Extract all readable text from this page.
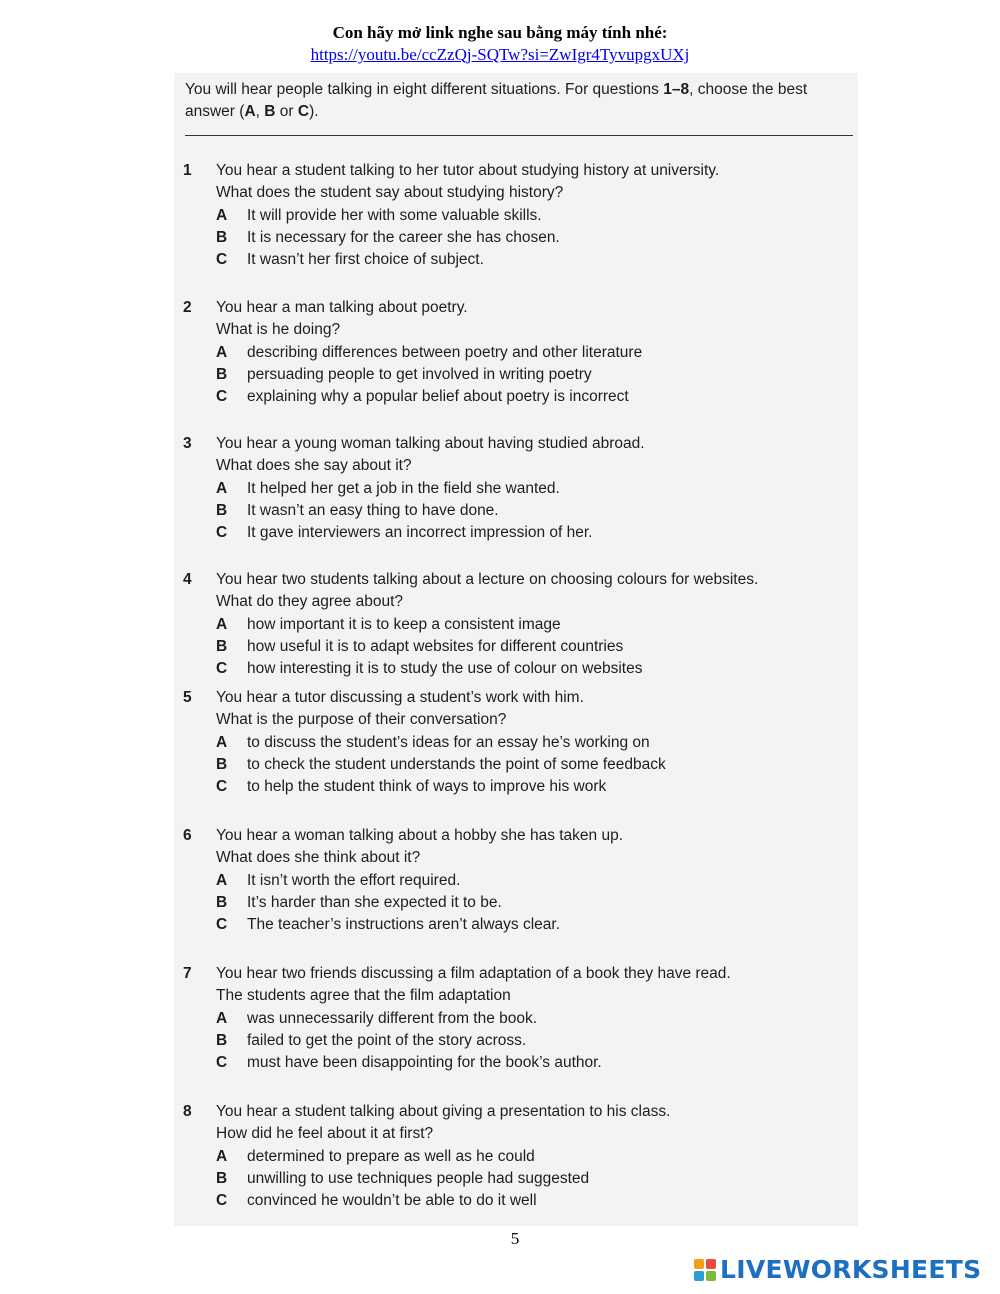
Con hãy mở link nghe sau bằng máy tính nhé:
https://youtu.be/ccZzQj-SQTw?si=ZwIgr4TyvupgxUXj
You will hear people talking in eight different situations. For questions 1–8, choose the best answer (A, B or C).
1 You hear a student talking to her tutor about studying history at university.
What does the student say about studying history?
A It will provide her with some valuable skills.
B It is necessary for the career she has chosen.
C It wasn’t her first choice of subject.
2 You hear a man talking about poetry.
What is he doing?
A describing differences between poetry and other literature
B persuading people to get involved in writing poetry
C explaining why a popular belief about poetry is incorrect
3 You hear a young woman talking about having studied abroad.
What does she say about it?
A It helped her get a job in the field she wanted.
B It wasn’t an easy thing to have done.
C It gave interviewers an incorrect impression of her.
4 You hear two students talking about a lecture on choosing colours for websites.
What do they agree about?
A how important it is to keep a consistent image
B how useful it is to adapt websites for different countries
C how interesting it is to study the use of colour on websites
5 You hear a tutor discussing a student’s work with him.
What is the purpose of their conversation?
A to discuss the student’s ideas for an essay he’s working on
B to check the student understands the point of some feedback
C to help the student think of ways to improve his work
6 You hear a woman talking about a hobby she has taken up.
What does she think about it?
A It isn’t worth the effort required.
B It’s harder than she expected it to be.
C The teacher’s instructions aren’t always clear.
7 You hear two friends discussing a film adaptation of a book they have read.
The students agree that the film adaptation
A was unnecessarily different from the book.
B failed to get the point of the story across.
C must have been disappointing for the book’s author.
8 You hear a student talking about giving a presentation to his class.
How did he feel about it at first?
A determined to prepare as well as he could
B unwilling to use techniques people had suggested
C convinced he wouldn’t be able to do it well
5
LIVEWORKSHEETS
